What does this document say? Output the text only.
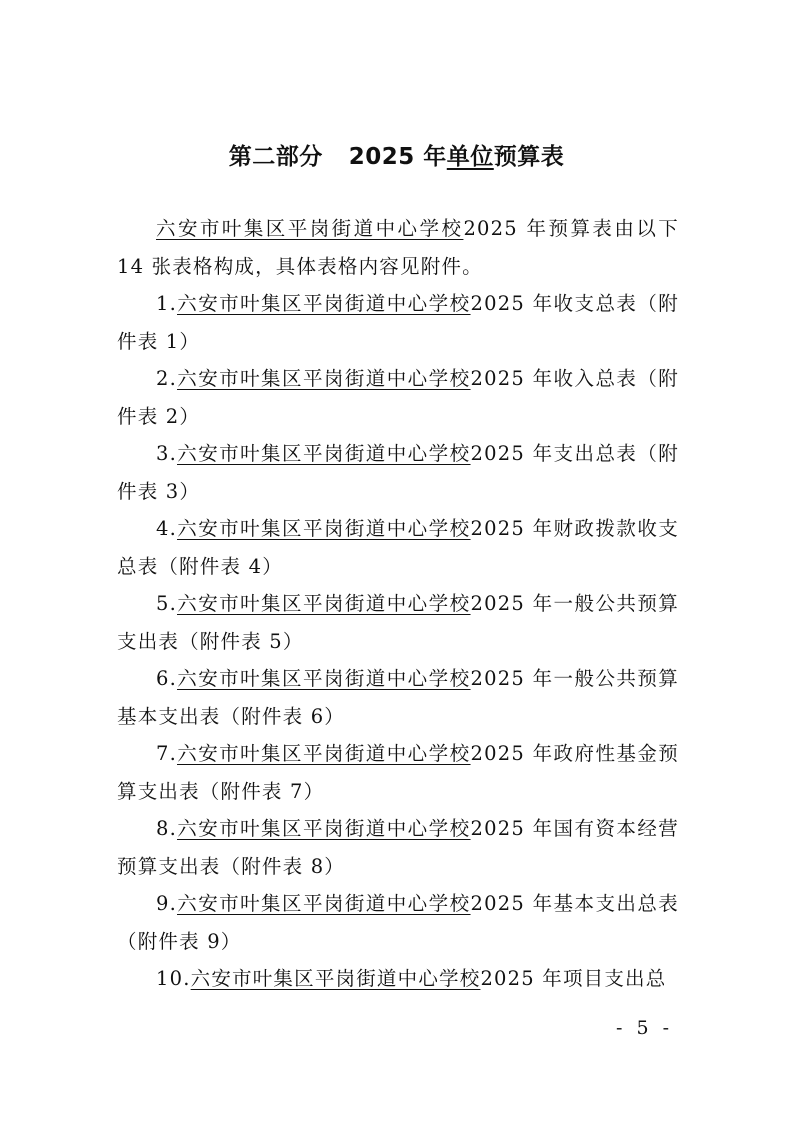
第二部分 2025 年单位预算表

六安市叶集区平岗街道中心学校2025 年预算表由以下 14 张表格构成，具体表格内容见附件。

1.六安市叶集区平岗街道中心学校2025 年收支总表（附件表 1）

2.六安市叶集区平岗街道中心学校2025 年收入总表（附件表 2）

3.六安市叶集区平岗街道中心学校2025 年支出总表（附件表 3）

4.六安市叶集区平岗街道中心学校2025 年财政拨款收支总表（附件表 4）

5.六安市叶集区平岗街道中心学校2025 年一般公共预算支出表（附件表 5）

6.六安市叶集区平岗街道中心学校2025 年一般公共预算基本支出表（附件表 6）

7.六安市叶集区平岗街道中心学校2025 年政府性基金预算支出表（附件表 7）

8.六安市叶集区平岗街道中心学校2025 年国有资本经营预算支出表（附件表 8）

9.六安市叶集区平岗街道中心学校2025 年基本支出总表（附件表 9）

10.六安市叶集区平岗街道中心学校2025 年项目支出总

- 5 -
